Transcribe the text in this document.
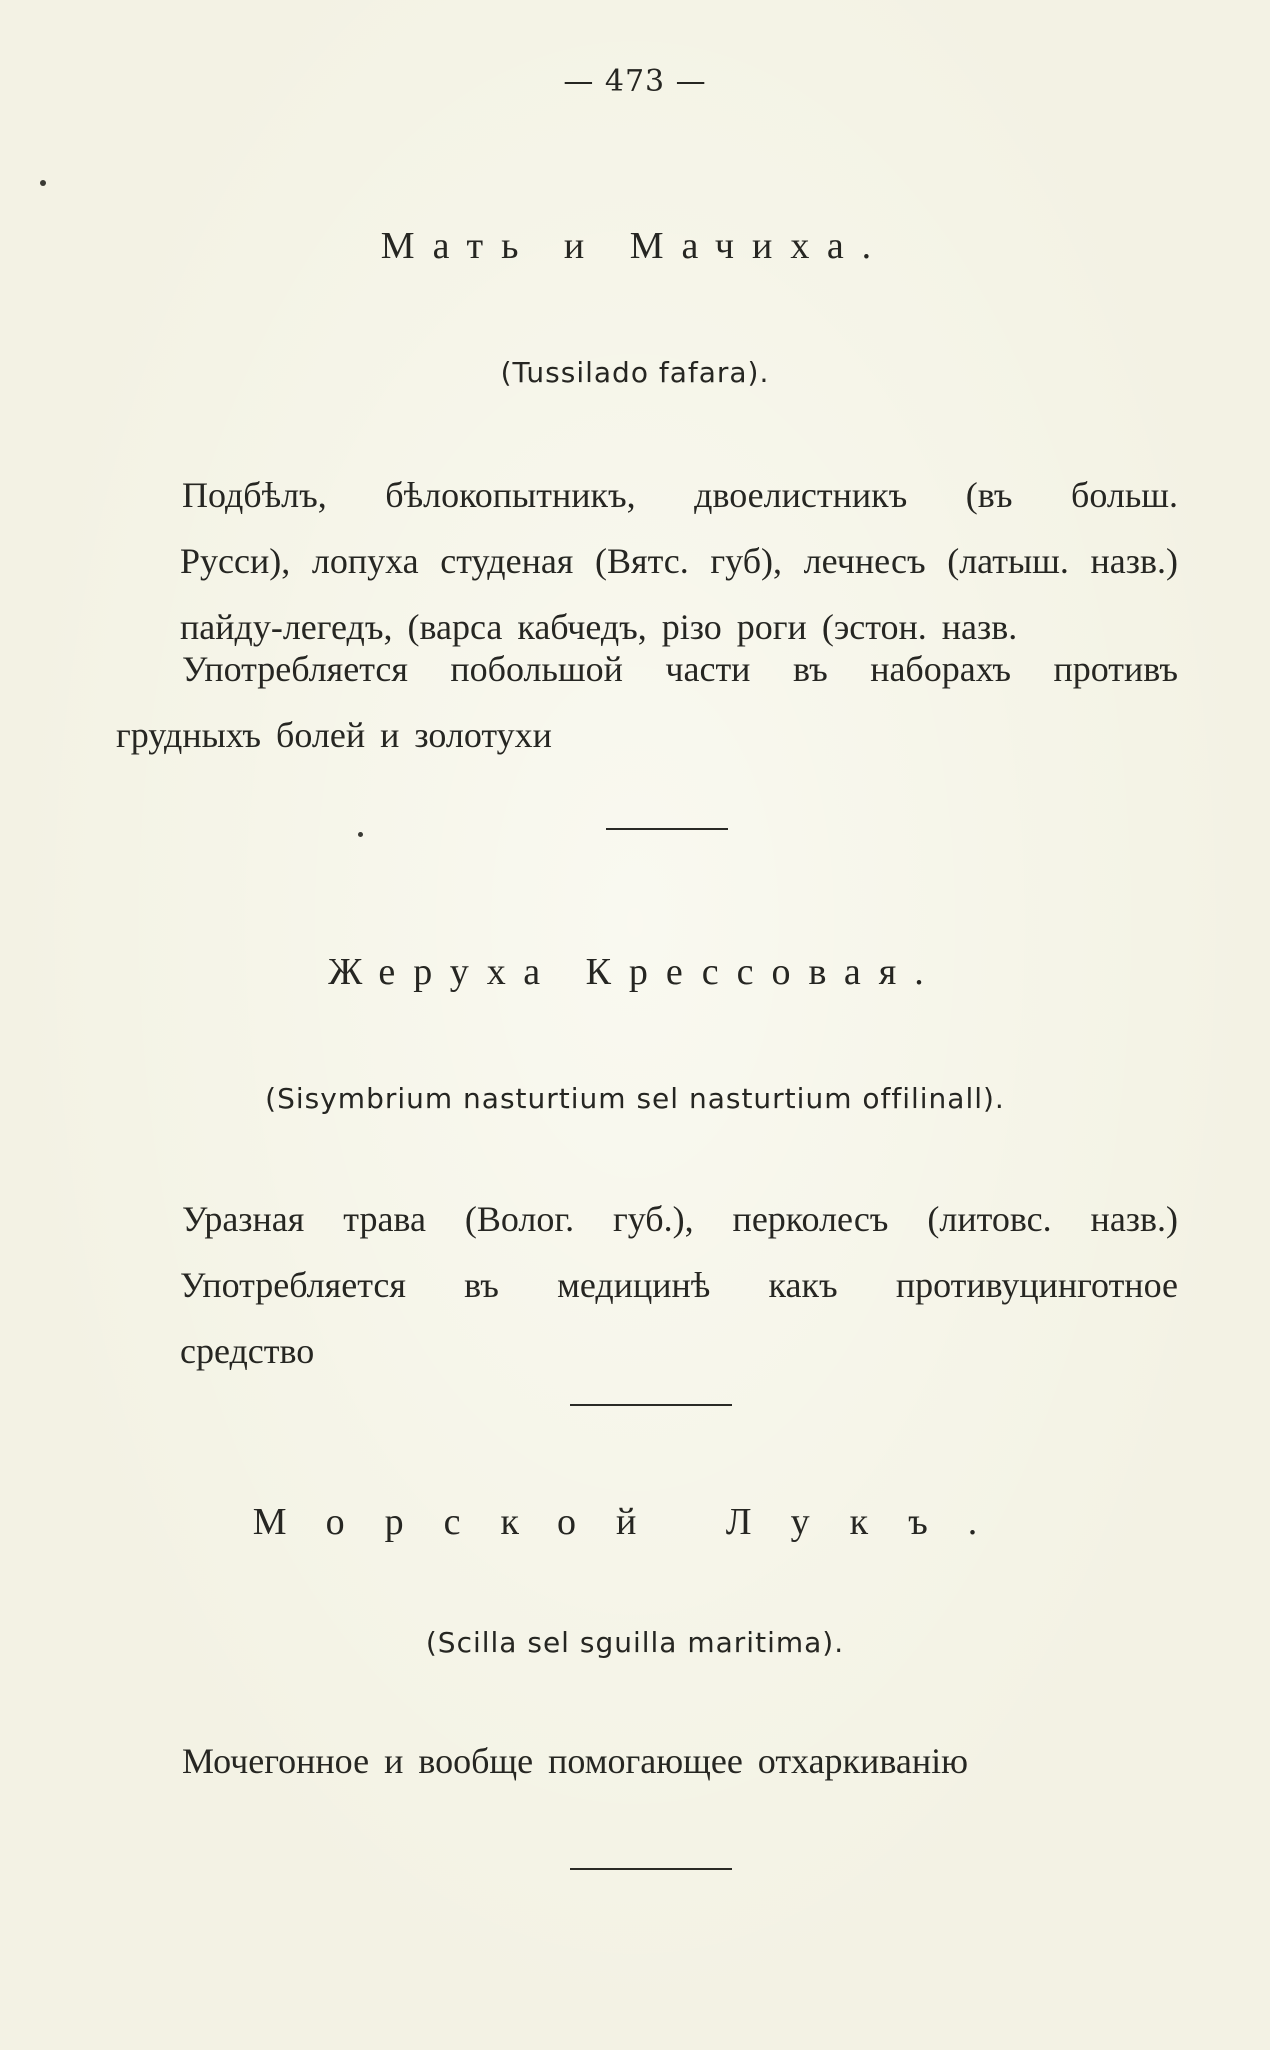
— 473 —
Мать и Мачиха.
(Tussilado fafara).
Подбѣлъ, бѣлокопытникъ, двоелистникъ (въ больш.
Русси), лопуха студеная (Вятс. губ), лечнесъ (латыш. назв.)
пайду-легедъ, (варса кабчедъ, pізо роги (эстон. назв.
Употребляется побольшой части въ наборахъ противъ
грудныхъ болей и золотухи
Жеруха Крессовая.
(Sisymbrium nasturtium sel nasturtium offilinall).
Уразная трава (Волог. губ.), перколесъ (литовс. назв.)
Употребляется въ медицинѣ какъ противуцинготное
средство
Морской Лукъ.
(Scilla sel sguilla maritima).
Мочегонное и вообще помогающее отхаркиванію
